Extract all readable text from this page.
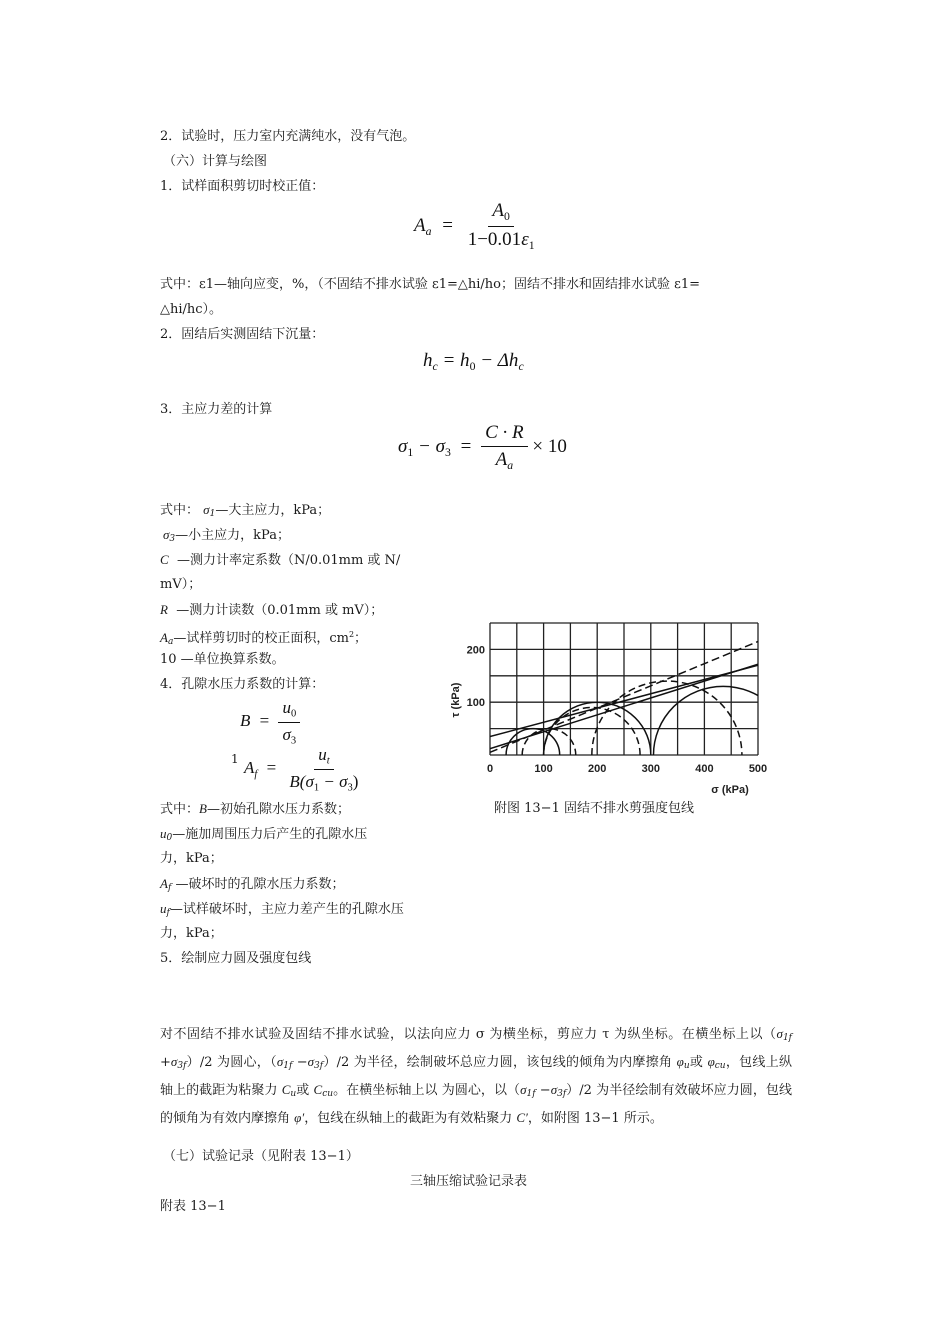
2．试验时，压力室内充满纯水，没有气泡。
（六）计算与绘图
1．试样面积剪切时校正值：
$A_a = \frac{A_0}{1-0.01\varepsilon_1}$
式中：ε1—轴向应变，%，（不固结不排水试验 ε1=△hi/ho；固结不排水和固结排水试验 ε1=
△hi/hc）。
2．固结后实测固结下沉量：
$h_c = h_0 - \Delta h_c$
3．主应力差的计算
$\sigma_1 - \sigma_3 = \frac{C \cdot R}{A_a} \times 10$
式中： $\sigma_1—$大主应力，kPa；
$\sigma_3—$小主应力，kPa；
C —测力计率定系数（N/0.01mm 或 N/
mV）；
R —测力计读数（0.01mm 或 mV）；
$A_a—$试样剪切时的校正面积，$cm^2$；
10 —单位换算系数。
4．孔隙水压力系数的计算：
$B = \frac{u_0}{\sigma_3}$
$A_f = \frac{u_t}{B(\sigma_1 - \sigma_3)}$
1
式中：B—初始孔隙水压力系数；
$u_0—$施加周围压力后产生的孔隙水压
力，kPa；
$A_f$ —破坏时的孔隙水压力系数；
$u_f—$试样破坏时，主应力差产生的孔隙水压
力，kPa；
5．绘制应力圆及强度包线
0	100	200	300	400	500
100
200
τ (kPa)
σ (kPa)
附图 13−1 固结不排水剪强度包线
对不固结不排水试验及固结不排水试验，以法向应力 σ 为横坐标，剪应力 τ 为纵坐标。在横坐标上以$(\sigma_{1f} +\sigma_{3f})/2$ 为圆心，$(\sigma_{1f} -\sigma_{3f})/2$ 为半径，绘制破坏总应力圆，该包线的倾角为内摩擦角 $\varphi_u$或 $\varphi_{cu}$，包线上纵轴上的截距为粘聚力 $C_u$或 $C_{cu}$。在横坐标轴上以 为圆心，以$(\sigma_{1f} -\sigma_{3f})/2$ 为半径绘制有效破坏应力圆，包线的倾角为有效内摩擦角 φ′，包线在纵轴上的截距为有效粘聚力 C′，如附图 13−1 所示。
（七）试验记录（见附表 13−1）
三轴压缩试验记录表
附表 13−1
